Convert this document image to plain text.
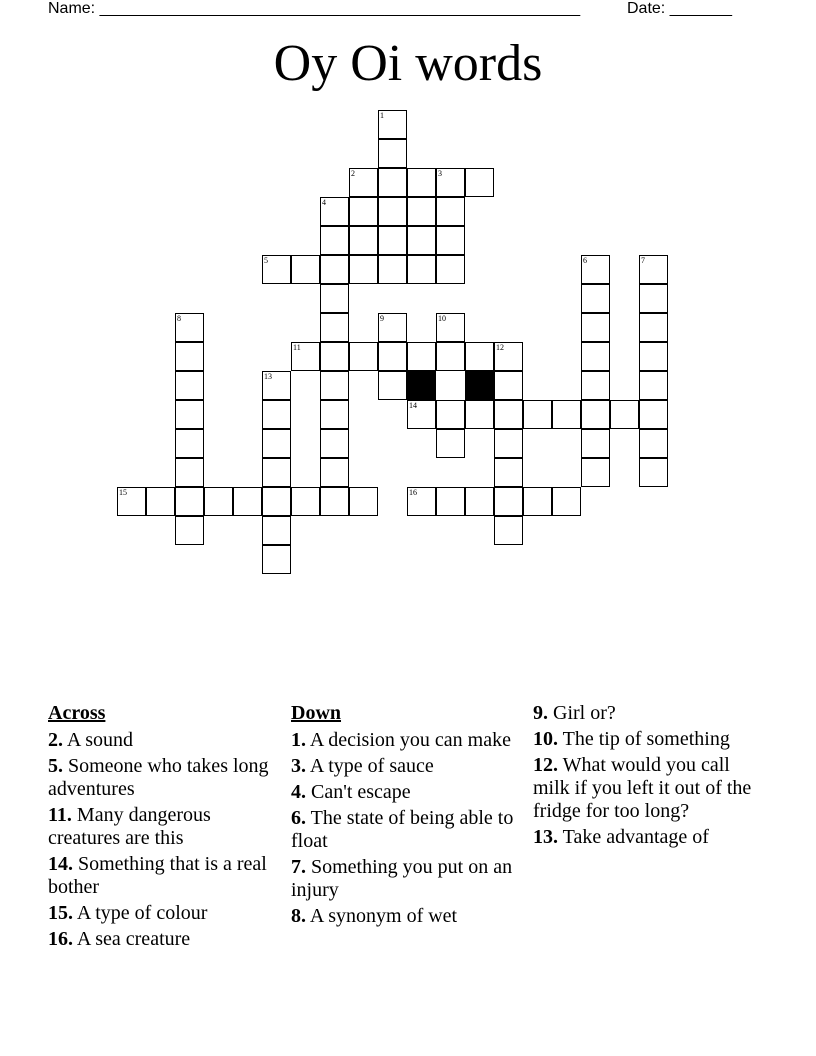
Name: ______________________________________________________	Date: _______
Oy Oi words
1
2	3
4
5	6	7
8	9	10
11	12
13
14
15	16
Across
2. A sound
5. Someone who takes long adventures
11. Many dangerous creatures are this
14. Something that is a real bother
15. A type of colour
16. A sea creature
Down
1. A decision you can make
3. A type of sauce
4. Can't escape
6. The state of being able to float
7. Something you put on an injury
8. A synonym of wet
9. Girl or?
10. The tip of something
12. What would you call milk if you left it out of the fridge for too long?
13. Take advantage of
